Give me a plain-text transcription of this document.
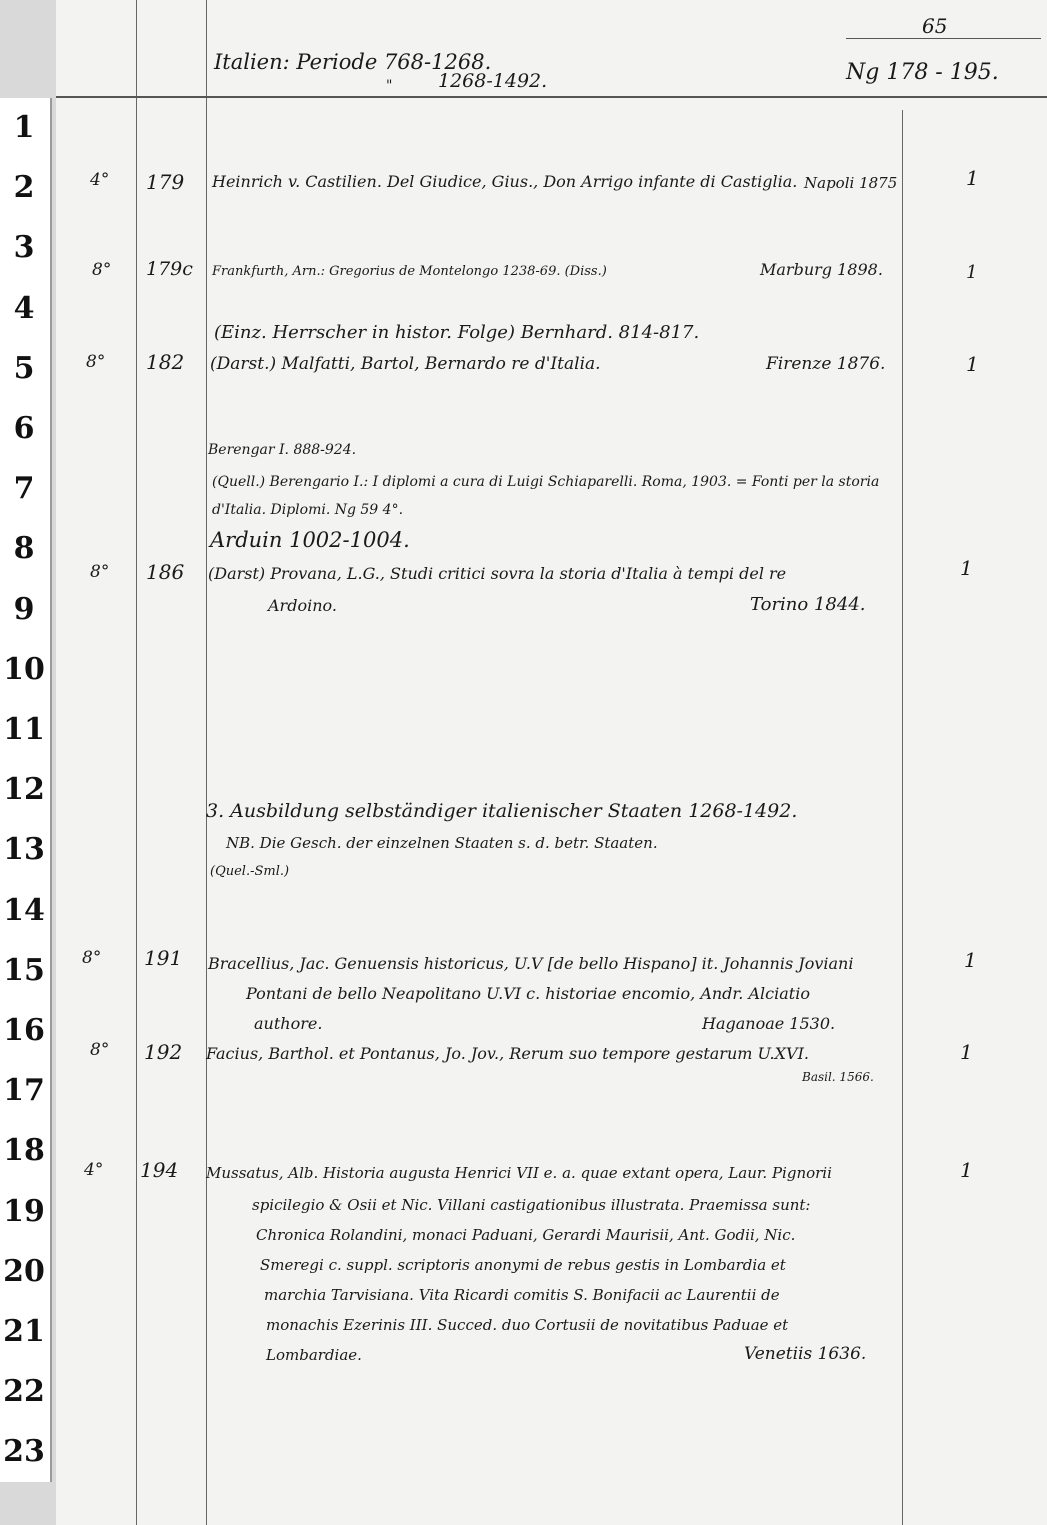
1
2
3
4
5
6
7
8
9
10
11
12
13
14
15
16
17
18
19
20
21
22
23
65
Italien: Periode 768-1268.
" 1268-1492.	Ng 178 - 195.
4° 179 Heinrich v. Castilien. Del Giudice, Gius., Don Arrigo infante di Castiglia. Napoli 1875	1
8° 179c Frankfurth, Arn.: Gregorius de Montelongo 1238-69. (Diss.)	Marburg 1898.	1
(Einz. Herrscher in histor. Folge) Bernhard. 814-817.
8° 182 (Darst.) Malfatti, Bartol, Bernardo re d'Italia.	Firenze 1876.	1
Berengar I. 888-924.
(Quell.) Berengario I.: I diplomi a cura di Luigi Schiaparelli. Roma, 1903. = Fonti per la storia
d'Italia. Diplomi. Ng 59 4°.
Arduin 1002-1004.
8° 186 (Darst) Provana, L.G., Studi critici sovra la storia d'Italia à tempi del re	1
Ardoino.	Torino 1844.
3. Ausbildung selbständiger italienischer Staaten 1268-1492.
NB. Die Gesch. der einzelnen Staaten s. d. betr. Staaten.
(Quel.-Sml.)
8° 191 Bracellius, Jac. Genuensis historicus, U.V [de bello Hispano] it. Johannis Joviani	1
Pontani de bello Neapolitano U.VI c. historiae encomio, Andr. Alciatio
authore.	Haganoae 1530.
8° 192 Facius, Barthol. et Pontanus, Jo. Jov., Rerum suo tempore gestarum U.XVI.	1
Basil. 1566.
4° 194 Mussatus, Alb. Historia augusta Henrici VII e. a. quae extant opera, Laur. Pignorii	1
spicilegio & Osii et Nic. Villani castigationibus illustrata. Praemissa sunt:
Chronica Rolandini, monaci Paduani, Gerardi Maurisii, Ant. Godii, Nic.
Smeregi c. suppl. scriptoris anonymi de rebus gestis in Lombardia et
marchia Tarvisiana. Vita Ricardi comitis S. Bonifacii ac Laurentii de
monachis Ezerinis III. Succed. duo Cortusii de novitatibus Paduae et
Lombardiae.	Venetiis 1636.
